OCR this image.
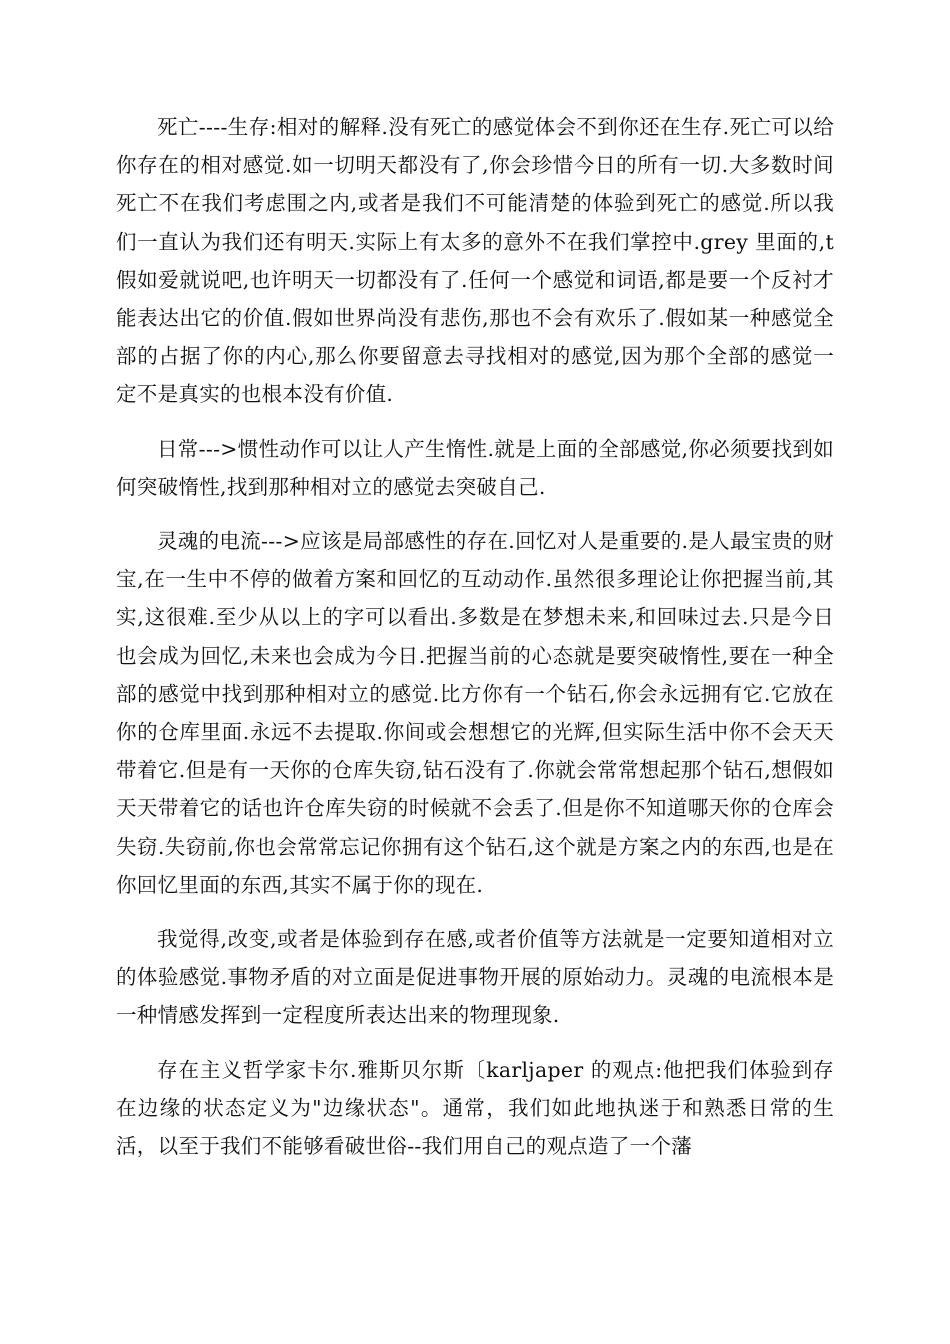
死亡----生存:相对的解释.没有死亡的感觉体会不到你还在生存.死亡可以给你存在的相对感觉.如一切明天都没有了,你会珍惜今日的所有一切.大多数时间死亡不在我们考虑围之内,或者是我们不可能清楚的体验到死亡的感觉.所以我们一直认为我们还有明天.实际上有太多的意外不在我们掌控中.grey 里面的,t 假如爱就说吧,也许明天一切都没有了.任何一个感觉和词语,都是要一个反衬才能表达出它的价值.假如世界尚没有悲伤,那也不会有欢乐了.假如某一种感觉全部的占据了你的内心,那么你要留意去寻找相对的感觉,因为那个全部的感觉一定不是真实的也根本没有价值.

日常--->惯性动作可以让人产生惰性.就是上面的全部感觉,你必须要找到如何突破惰性,找到那种相对立的感觉去突破自己.

灵魂的电流--->应该是局部感性的存在.回忆对人是重要的.是人最宝贵的财宝,在一生中不停的做着方案和回忆的互动动作.虽然很多理论让你把握当前,其实,这很难.至少从以上的字可以看出.多数是在梦想未来,和回味过去.只是今日也会成为回忆,未来也会成为今日.把握当前的心态就是要突破惰性,要在一种全部的感觉中找到那种相对立的感觉.比方你有一个钻石,你会永远拥有它.它放在你的仓库里面.永远不去提取.你间或会想想它的光辉,但实际生活中你不会天天带着它.但是有一天你的仓库失窃,钻石没有了.你就会常常想起那个钻石,想假如天天带着它的话也许仓库失窃的时候就不会丢了.但是你不知道哪天你的仓库会失窃.失窃前,你也会常常忘记你拥有这个钻石,这个就是方案之内的东西,也是在你回忆里面的东西,其实不属于你的现在.

我觉得,改变,或者是体验到存在感,或者价值等方法就是一定要知道相对立的体验感觉.事物矛盾的对立面是促进事物开展的原始动力。灵魂的电流根本是一种情感发挥到一定程度所表达出来的物理现象.

存在主义哲学家卡尔.雅斯贝尔斯〔karljaper 的观点:他把我们体验到存在边缘的状态定义为"边缘状态"。通常，我们如此地执迷于和熟悉日常的生活，以至于我们不能够看破世俗--我们用自己的观点造了一个藩
